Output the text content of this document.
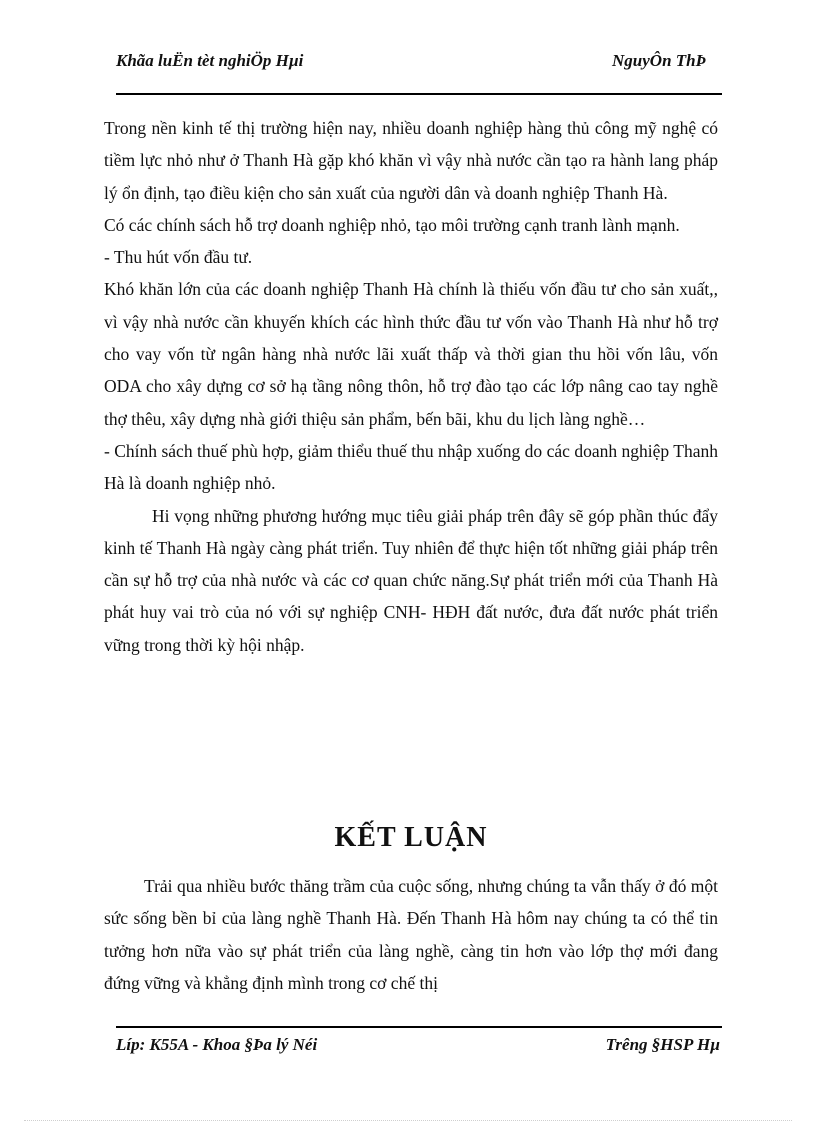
Khãa luËn tèt nghiÖp Hµi	NguyÔn ThÞ

Trong nền kinh tế thị trường hiện nay, nhiều doanh nghiệp hàng thủ công mỹ nghệ có tiềm lực nhỏ như ở Thanh Hà gặp khó khăn vì vậy nhà nước cần tạo ra hành lang pháp lý ổn định, tạo điều kiện cho sản xuất của người dân và doanh nghiệp Thanh Hà.

Có các chính sách hỗ trợ doanh nghiệp nhỏ, tạo môi trường cạnh tranh lành mạnh.

- Thu hút vốn đầu tư.

Khó khăn lớn của các doanh nghiệp Thanh Hà chính là thiếu vốn đầu tư cho sản xuất,, vì vậy nhà nước cần khuyến khích các hình thức đầu tư vốn vào Thanh Hà như hỗ trợ cho vay vốn từ ngân hàng nhà nước lãi xuất thấp và thời gian thu hồi vốn lâu, vốn ODA cho xây dựng cơ sở hạ tầng nông thôn, hỗ trợ đào tạo các lớp nâng cao tay nghề thợ thêu, xây dựng nhà giới thiệu sản phẩm, bến bãi, khu du lịch làng nghề…

- Chính sách thuế phù hợp, giảm thiểu thuế thu nhập xuống do các doanh nghiệp Thanh Hà là doanh nghiệp nhỏ.

Hi vọng những phương hướng mục tiêu giải pháp trên đây sẽ góp phần thúc đẩy kinh tế Thanh Hà ngày càng phát triển. Tuy nhiên để thực hiện tốt những giải pháp trên cần sự hỗ trợ của nhà nước và các cơ quan chức năng.Sự phát triển mới của Thanh Hà phát huy vai trò của nó với sự nghiệp CNH- HĐH đất nước, đưa đất nước phát triển vững trong thời kỳ hội nhập.

KẾT LUẬN

Trải qua nhiều bước thăng trầm của cuộc sống, nhưng chúng ta vẫn thấy ở đó một sức sống bền bỉ của làng nghề Thanh Hà. Đến Thanh Hà hôm nay chúng ta có thể tin tưởng hơn nữa vào sự phát triển của làng nghề, càng tin hơn vào lớp thợ mới đang đứng vững và khẳng định mình trong cơ chế thị

Líp: K55A - Khoa §Þa lý Néi	Trêng §HSP Hµ
